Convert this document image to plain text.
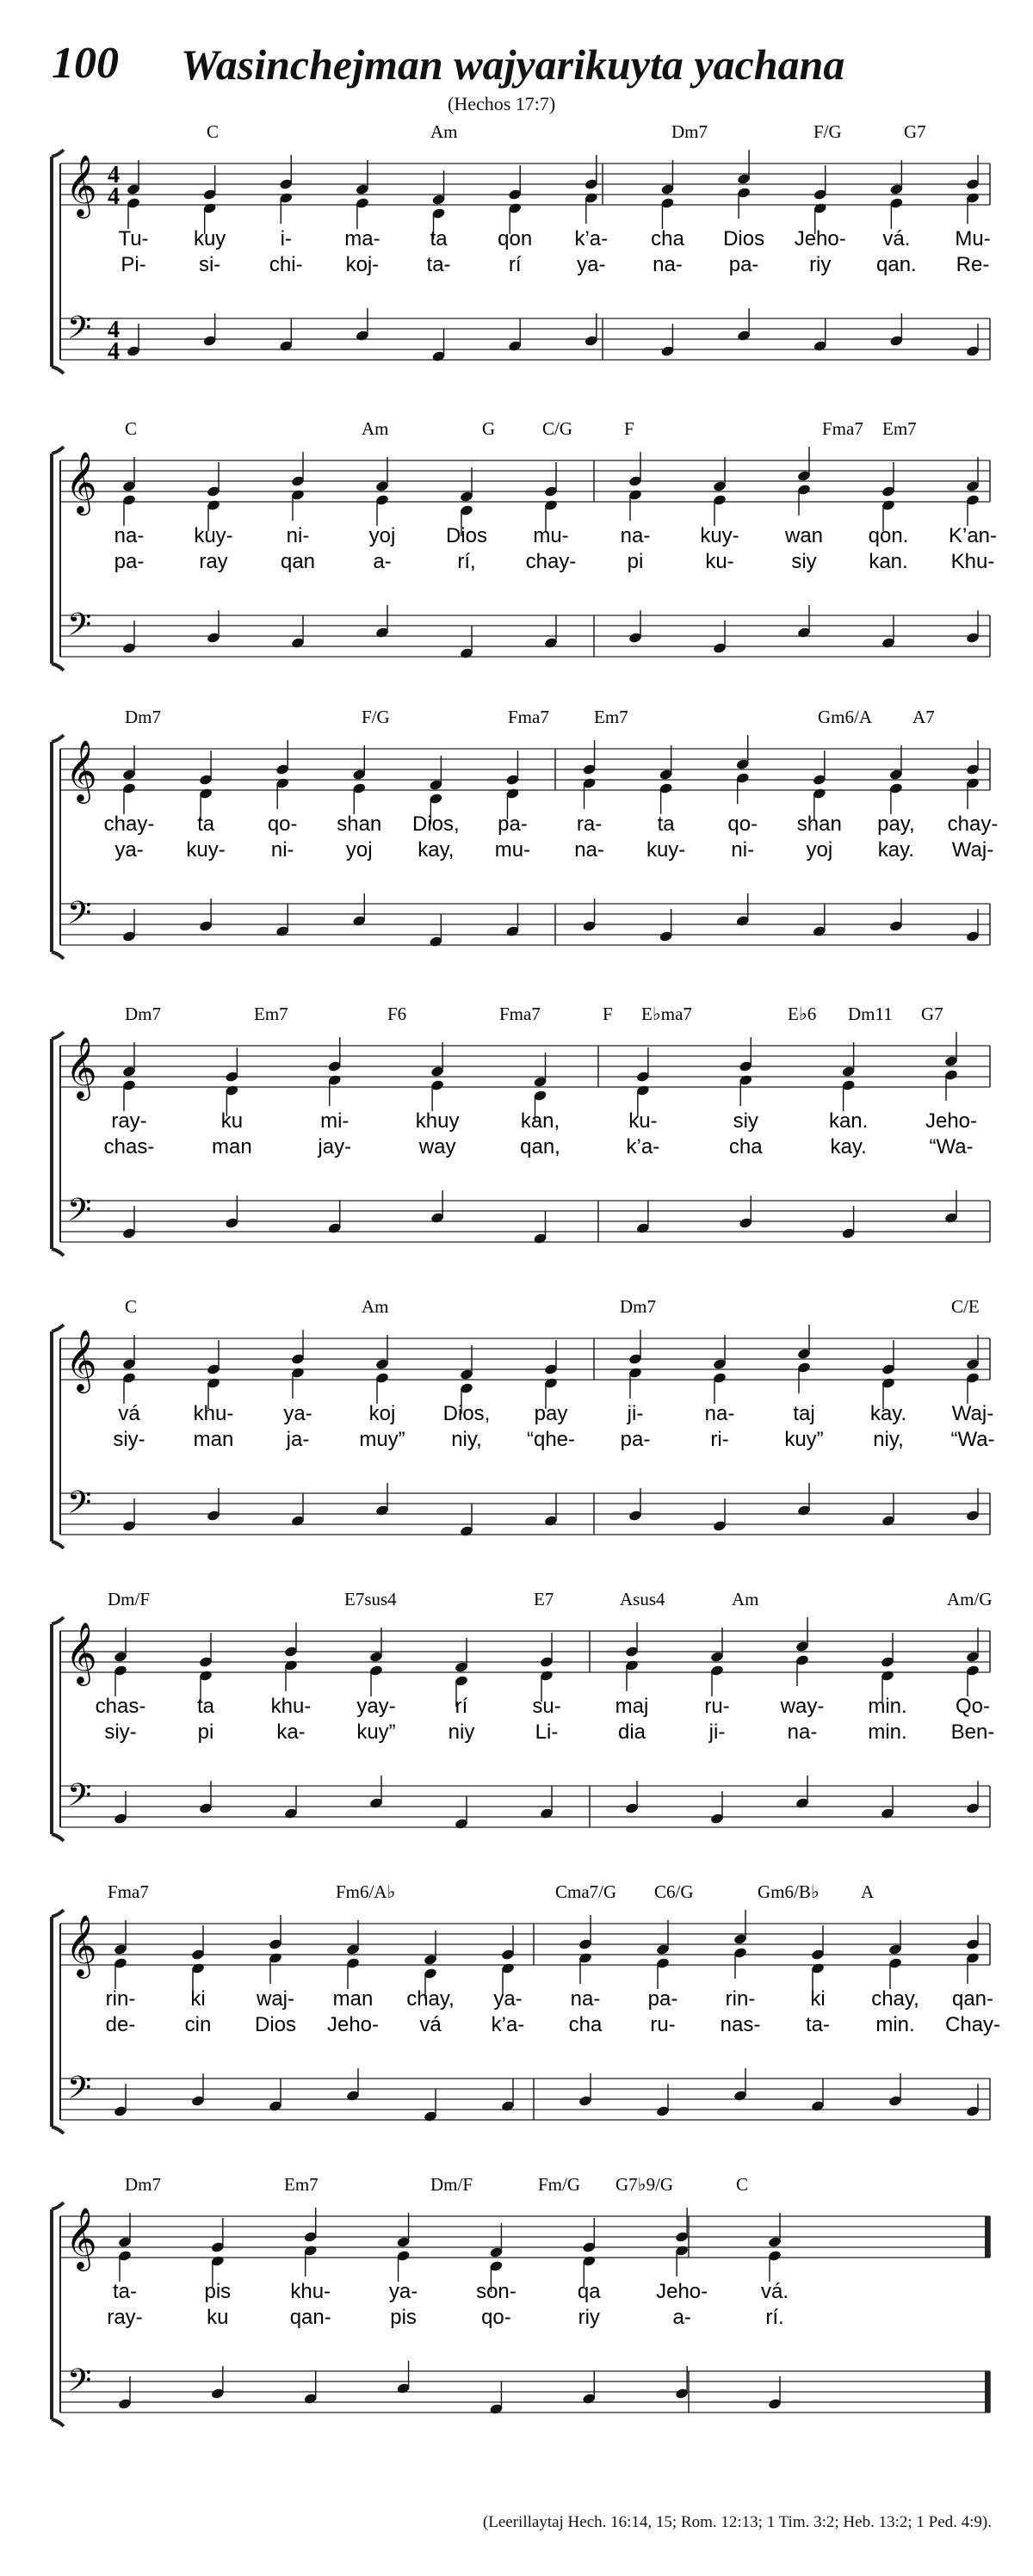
100 Wasinchejman wajyarikuyta yachana
(Hechos 17:7)
𝄞
𝄢
4
4
4
4
C	Am	Dm7	F/G	G7
Tu- kuy	i-	ma- ta qon k’a- cha Dios Jeho- vá. Mu-
Pi-	si- chi- koj- ta-	rí	ya- na- pa- riy qan. Re-
𝄞
𝄢
C	Am	G	C/G	F	Fma7 Em7
na- kuy-	ni-	yoj Dios mu- na- kuy- wan qon. K’an-
pa-	ray	qan	a-	rí, chay- pi	ku-	siy	kan. Khu-
𝄞
𝄢
Dm7	F/G	Fma7 Em7	Gm6/A A7
chay- ta	qo- shan Dios, pa- ra-	ta	qo- shan pay, chay-
ya- kuy- ni-	yoj kay, mu- na- kuy- ni-	yoj kay. Waj-
𝄞
𝄢
Dm7	Em7	F6	Fma7	F E♭ma7	E♭6 Dm11 G7
ray-	ku	mi-	khuy	kan,	ku-	siy	kan.	Jeho-
chas-	man	jay-	way	qan,	k’a-	cha	kay.	“Wa-
𝄞
𝄢
C	Am	Dm7	C/E
vá	khu- ya-	koj Dios, pay	ji-	na-	taj	kay. Waj-
siy- man	ja- muy” niy, “qhe- pa-	ri-	kuy” niy, “Wa-
𝄞
𝄢
Dm/F	E7sus4	E7	Asus4	Am	Am/G
chas- ta	khu- yay-	rí	su-	maj	ru- way- min. Qo-
siy-	pi	ka- kuy”	niy	Li-	dia	ji-	na- min. Ben-
𝄞
𝄢
Fma7	Fm6/A♭	Cma7/G C6/G	Gm6/B♭ A
rin-	ki waj- man chay, ya- na- pa- rin-	ki chay, qan-
de- cin Dios Jeho- vá k’a- cha ru- nas- ta- min. Chay-
𝄞
𝄢
Dm7	Em7	Dm/F	Fm/G G7♭9/G	C
ta-	pis	khu-	ya-	son-	qa	Jeho-	vá.
ray-	ku	qan-	pis	qo-	riy	a-	rí.
(Leerillaytaj Hech. 16:14, 15; Rom. 12:13; 1 Tim. 3:2; Heb. 13:2; 1 Ped. 4:9).
